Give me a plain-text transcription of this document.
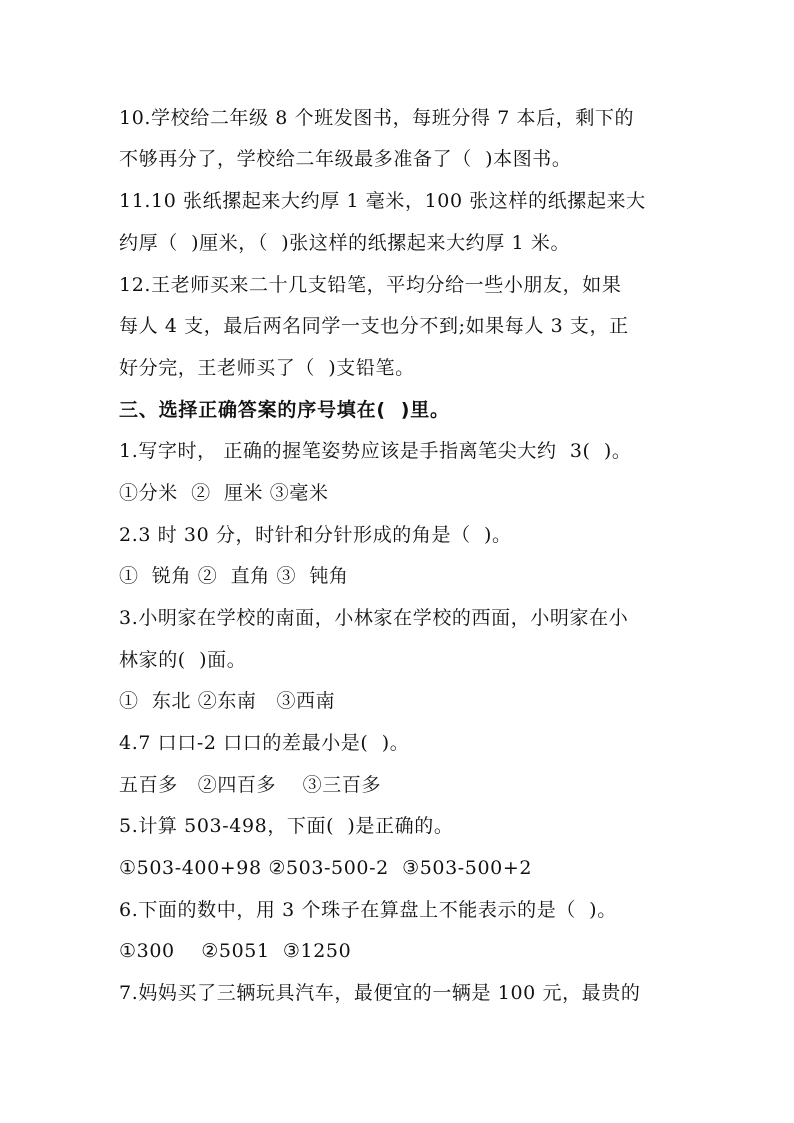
10.学校给二年级 8 个班发图书，每班分得 7 本后，剩下的
不够再分了，学校给二年级最多准备了（  )本图书。
11.10 张纸摞起来大约厚 1 毫米，100 张这样的纸摞起来大
约厚（  )厘米，（  )张这样的纸摞起来大约厚 1 米。
12.王老师买来二十几支铅笔，平均分给一些小朋友，如果
每人 4 支，最后两名同学一支也分不到;如果每人 3 支，正
好分完，王老师买了（  )支铅笔。
三、选择正确答案的序号填在(  )里。
1.写字时， 正确的握笔姿势应该是手指离笔尖大约  3(  )。
①分米  ②  厘米 ③毫米
2.3 时 30 分，时针和分针形成的角是（  )。
①  锐角 ②  直角 ③  钝角
3.小明家在学校的南面，小林家在学校的西面，小明家在小
林家的(  )面。
①  东北 ②东南   ③西南
4.7 口口-2 口口的差最小是(  )。
五百多   ②四百多    ③三百多
5.计算 503-498，下面(  )是正确的。
①503-400+98 ②503-500-2  ③503-500+2
6.下面的数中，用 3 个珠子在算盘上不能表示的是（  )。
①300    ②5051  ③1250
7.妈妈买了三辆玩具汽车，最便宜的一辆是 100 元，最贵的
